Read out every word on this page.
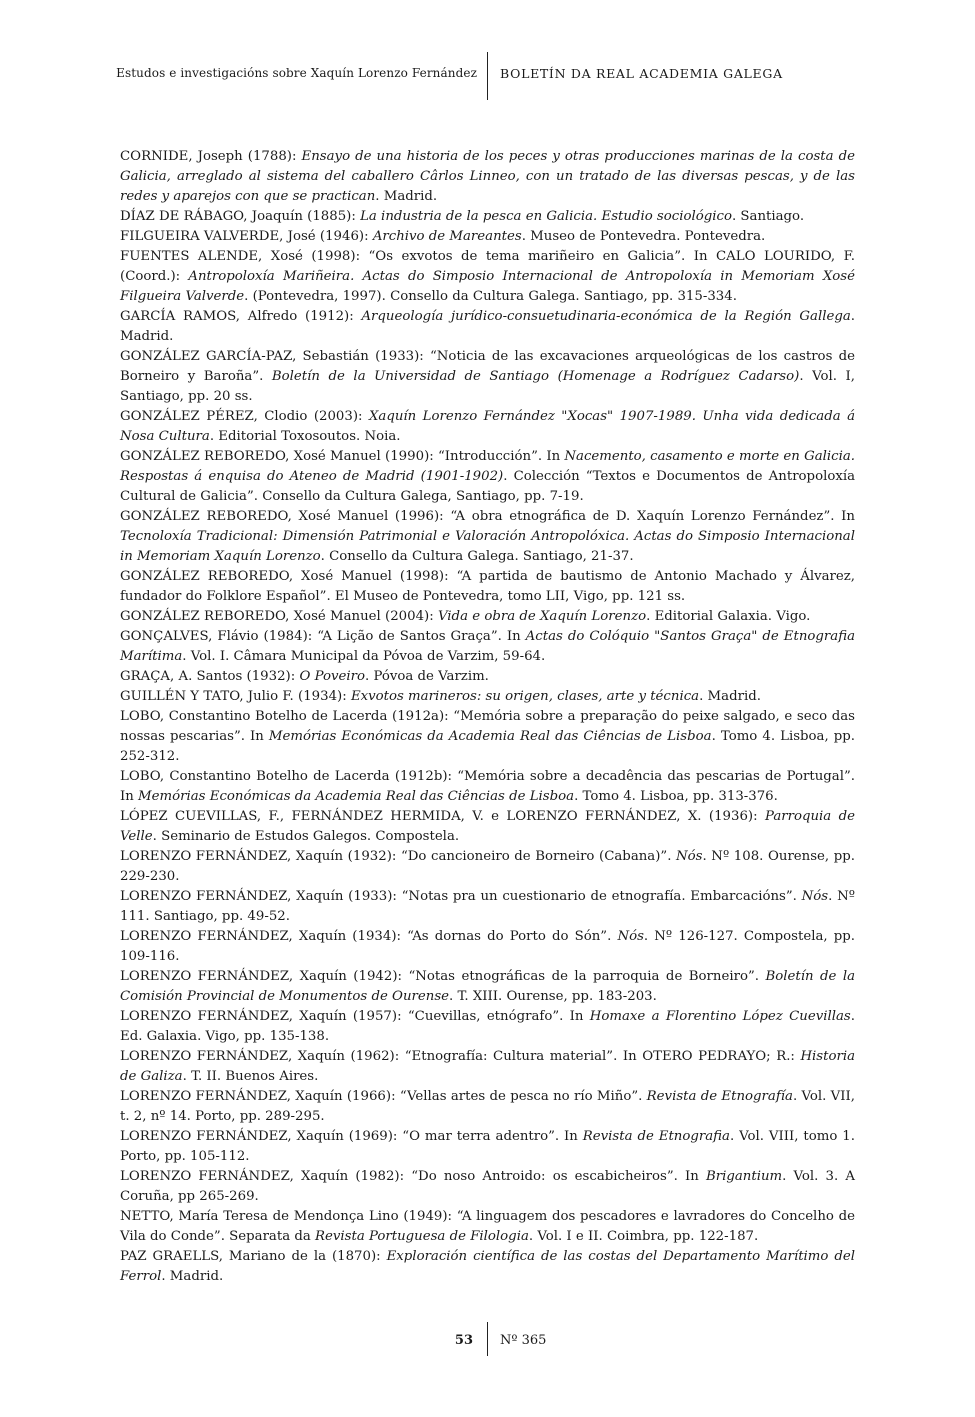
Estudos e investigacións sobre Xaquín Lorenzo Fernández BOLETÍN DA REAL ACADEMIA GALEGA

CORNIDE, Joseph (1788): Ensayo de una historia de los peces y otras producciones marinas de la costa de Galicia, arreglado al sistema del caballero Cârlos Linneo, con un tratado de las diversas pescas, y de las redes y aparejos con que se practican. Madrid.

DÍAZ DE RÁBAGO, Joaquín (1885): La industria de la pesca en Galicia. Estudio sociológico. Santiago.

FILGUEIRA VALVERDE, José (1946): Archivo de Mareantes. Museo de Pontevedra. Pontevedra.

FUENTES ALENDE, Xosé (1998): “Os exvotos de tema mariñeiro en Galicia”. In CALO LOURIDO, F. (Coord.): Antropoloxía Mariñeira. Actas do Simposio Internacional de Antropoloxía in Memoriam Xosé Filgueira Valverde. (Pontevedra, 1997). Consello da Cultura Galega. Santiago, pp. 315-334.

GARCÍA RAMOS, Alfredo (1912): Arqueología jurídico-consuetudinaria-económica de la Región Gallega. Madrid.

GONZÁLEZ GARCÍA-PAZ, Sebastián (1933): “Noticia de las excavaciones arqueológicas de los castros de Borneiro y Baroña”. Boletín de la Universidad de Santiago (Homenage a Rodríguez Cadarso). Vol. I, Santiago, pp. 20 ss.

GONZÁLEZ PÉREZ, Clodio (2003): Xaquín Lorenzo Fernández "Xocas" 1907-1989. Unha vida dedicada á Nosa Cultura. Editorial Toxosoutos. Noia.

GONZÁLEZ REBOREDO, Xosé Manuel (1990): “Introducción”. In Nacemento, casamento e morte en Galicia. Respostas á enquisa do Ateneo de Madrid (1901-1902). Colección “Textos e Documentos de Antropoloxía Cultural de Galicia”. Consello da Cultura Galega, Santiago, pp. 7-19.

GONZÁLEZ REBOREDO, Xosé Manuel (1996): “A obra etnográfica de D. Xaquín Lorenzo Fernández”. In Tecnoloxía Tradicional: Dimensión Patrimonial e Valoración Antropolóxica. Actas do Simposio Internacional in Memoriam Xaquín Lorenzo. Consello da Cultura Galega. Santiago, 21-37.

GONZÁLEZ REBOREDO, Xosé Manuel (1998): “A partida de bautismo de Antonio Machado y Álvarez, fundador do Folklore Español”. El Museo de Pontevedra, tomo LII, Vigo, pp. 121 ss.

GONZÁLEZ REBOREDO, Xosé Manuel (2004): Vida e obra de Xaquín Lorenzo. Editorial Galaxia. Vigo.

GONÇALVES, Flávio (1984): “A Lição de Santos Graça”. In Actas do Colóquio "Santos Graça" de Etnografia Marítima. Vol. I. Câmara Municipal da Póvoa de Varzim, 59-64.

GRAÇA, A. Santos (1932): O Poveiro. Póvoa de Varzim.

GUILLÉN Y TATO, Julio F. (1934): Exvotos marineros: su origen, clases, arte y técnica. Madrid.

LOBO, Constantino Botelho de Lacerda (1912a): “Memória sobre a preparação do peixe salgado, e seco das nossas pescarias”. In Memórias Económicas da Academia Real das Ciências de Lisboa. Tomo 4. Lisboa, pp. 252-312.

LOBO, Constantino Botelho de Lacerda (1912b): “Memória sobre a decadência das pescarias de Portugal”. In Memórias Económicas da Academia Real das Ciências de Lisboa. Tomo 4. Lisboa, pp. 313-376.

LÓPEZ CUEVILLAS, F., FERNÁNDEZ HERMIDA, V. e LORENZO FERNÁNDEZ, X. (1936): Parroquia de Velle. Seminario de Estudos Galegos. Compostela.

LORENZO FERNÁNDEZ, Xaquín (1932): “Do cancioneiro de Borneiro (Cabana)”. Nós. Nº 108. Ourense, pp. 229-230.

LORENZO FERNÁNDEZ, Xaquín (1933): “Notas pra un cuestionario de etnografía. Embarcacións”. Nós. Nº 111. Santiago, pp. 49-52.

LORENZO FERNÁNDEZ, Xaquín (1934): “As dornas do Porto do Són”. Nós. Nº 126-127. Compostela, pp. 109-116.

LORENZO FERNÁNDEZ, Xaquín (1942): “Notas etnográficas de la parroquia de Borneiro”. Boletín de la Comisión Provincial de Monumentos de Ourense. T. XIII. Ourense, pp. 183-203.

LORENZO FERNÁNDEZ, Xaquín (1957): “Cuevillas, etnógrafo”. In Homaxe a Florentino López Cuevillas. Ed. Galaxia. Vigo, pp. 135-138.

LORENZO FERNÁNDEZ, Xaquín (1962): “Etnografía: Cultura material”. In OTERO PEDRAYO; R.: Historia de Galiza. T. II. Buenos Aires.

LORENZO FERNÁNDEZ, Xaquín (1966): “Vellas artes de pesca no río Miño”. Revista de Etnografía. Vol. VII, t. 2, nº 14. Porto, pp. 289-295.

LORENZO FERNÁNDEZ, Xaquín (1969): “O mar terra adentro”. In Revista de Etnografia. Vol. VIII, tomo 1. Porto, pp. 105-112.

LORENZO FERNÁNDEZ, Xaquín (1982): “Do noso Antroido: os escabicheiros”. In Brigantium. Vol. 3. A Coruña, pp 265-269.

NETTO, María Teresa de Mendonça Lino (1949): “A linguagem dos pescadores e lavradores do Concelho de Vila do Conde”. Separata da Revista Portuguesa de Filologia. Vol. I e II. Coimbra, pp. 122-187.

PAZ GRAELLS, Mariano de la (1870): Exploración científica de las costas del Departamento Marítimo del Ferrol. Madrid.

53 Nº 365
